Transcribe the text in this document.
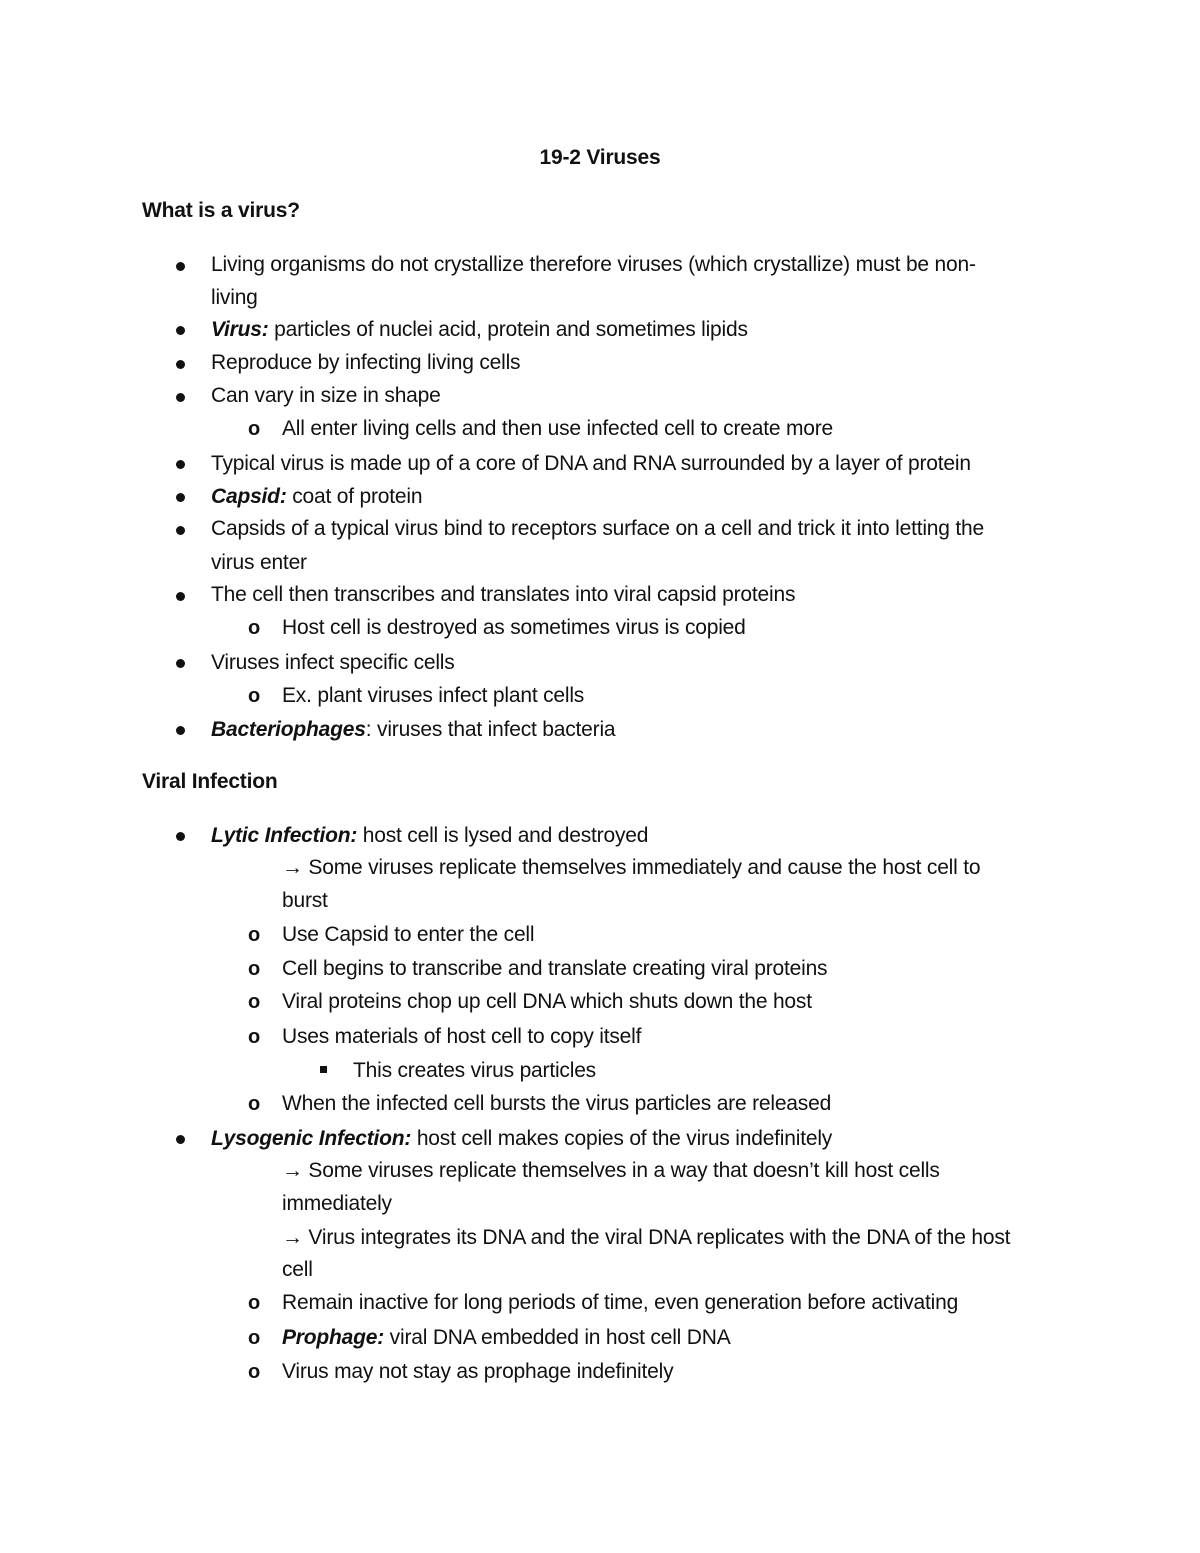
19-2 Viruses
What is a virus?
Living organisms do not crystallize therefore viruses (which crystallize) must be non-
living
Virus: particles of nuclei acid, protein and sometimes lipids
Reproduce by infecting living cells
Can vary in size in shape
o All enter living cells and then use infected cell to create more
Typical virus is made up of a core of DNA and RNA surrounded by a layer of protein
Capsid: coat of protein
Capsids of a typical virus bind to receptors surface on a cell and trick it into letting the
virus enter
The cell then transcribes and translates into viral capsid proteins
o Host cell is destroyed as sometimes virus is copied
Viruses infect specific cells
o Ex. plant viruses infect plant cells
Bacteriophages: viruses that infect bacteria
Viral Infection
Lytic Infection: host cell is lysed and destroyed
→ Some viruses replicate themselves immediately and cause the host cell to
burst
o Use Capsid to enter the cell
o Cell begins to transcribe and translate creating viral proteins
o Viral proteins chop up cell DNA which shuts down the host
o Uses materials of host cell to copy itself
This creates virus particles
o When the infected cell bursts the virus particles are released
Lysogenic Infection: host cell makes copies of the virus indefinitely
→ Some viruses replicate themselves in a way that doesn’t kill host cells
immediately
→ Virus integrates its DNA and the viral DNA replicates with the DNA of the host
cell
o Remain inactive for long periods of time, even generation before activating
o Prophage: viral DNA embedded in host cell DNA
o Virus may not stay as prophage indefinitely
